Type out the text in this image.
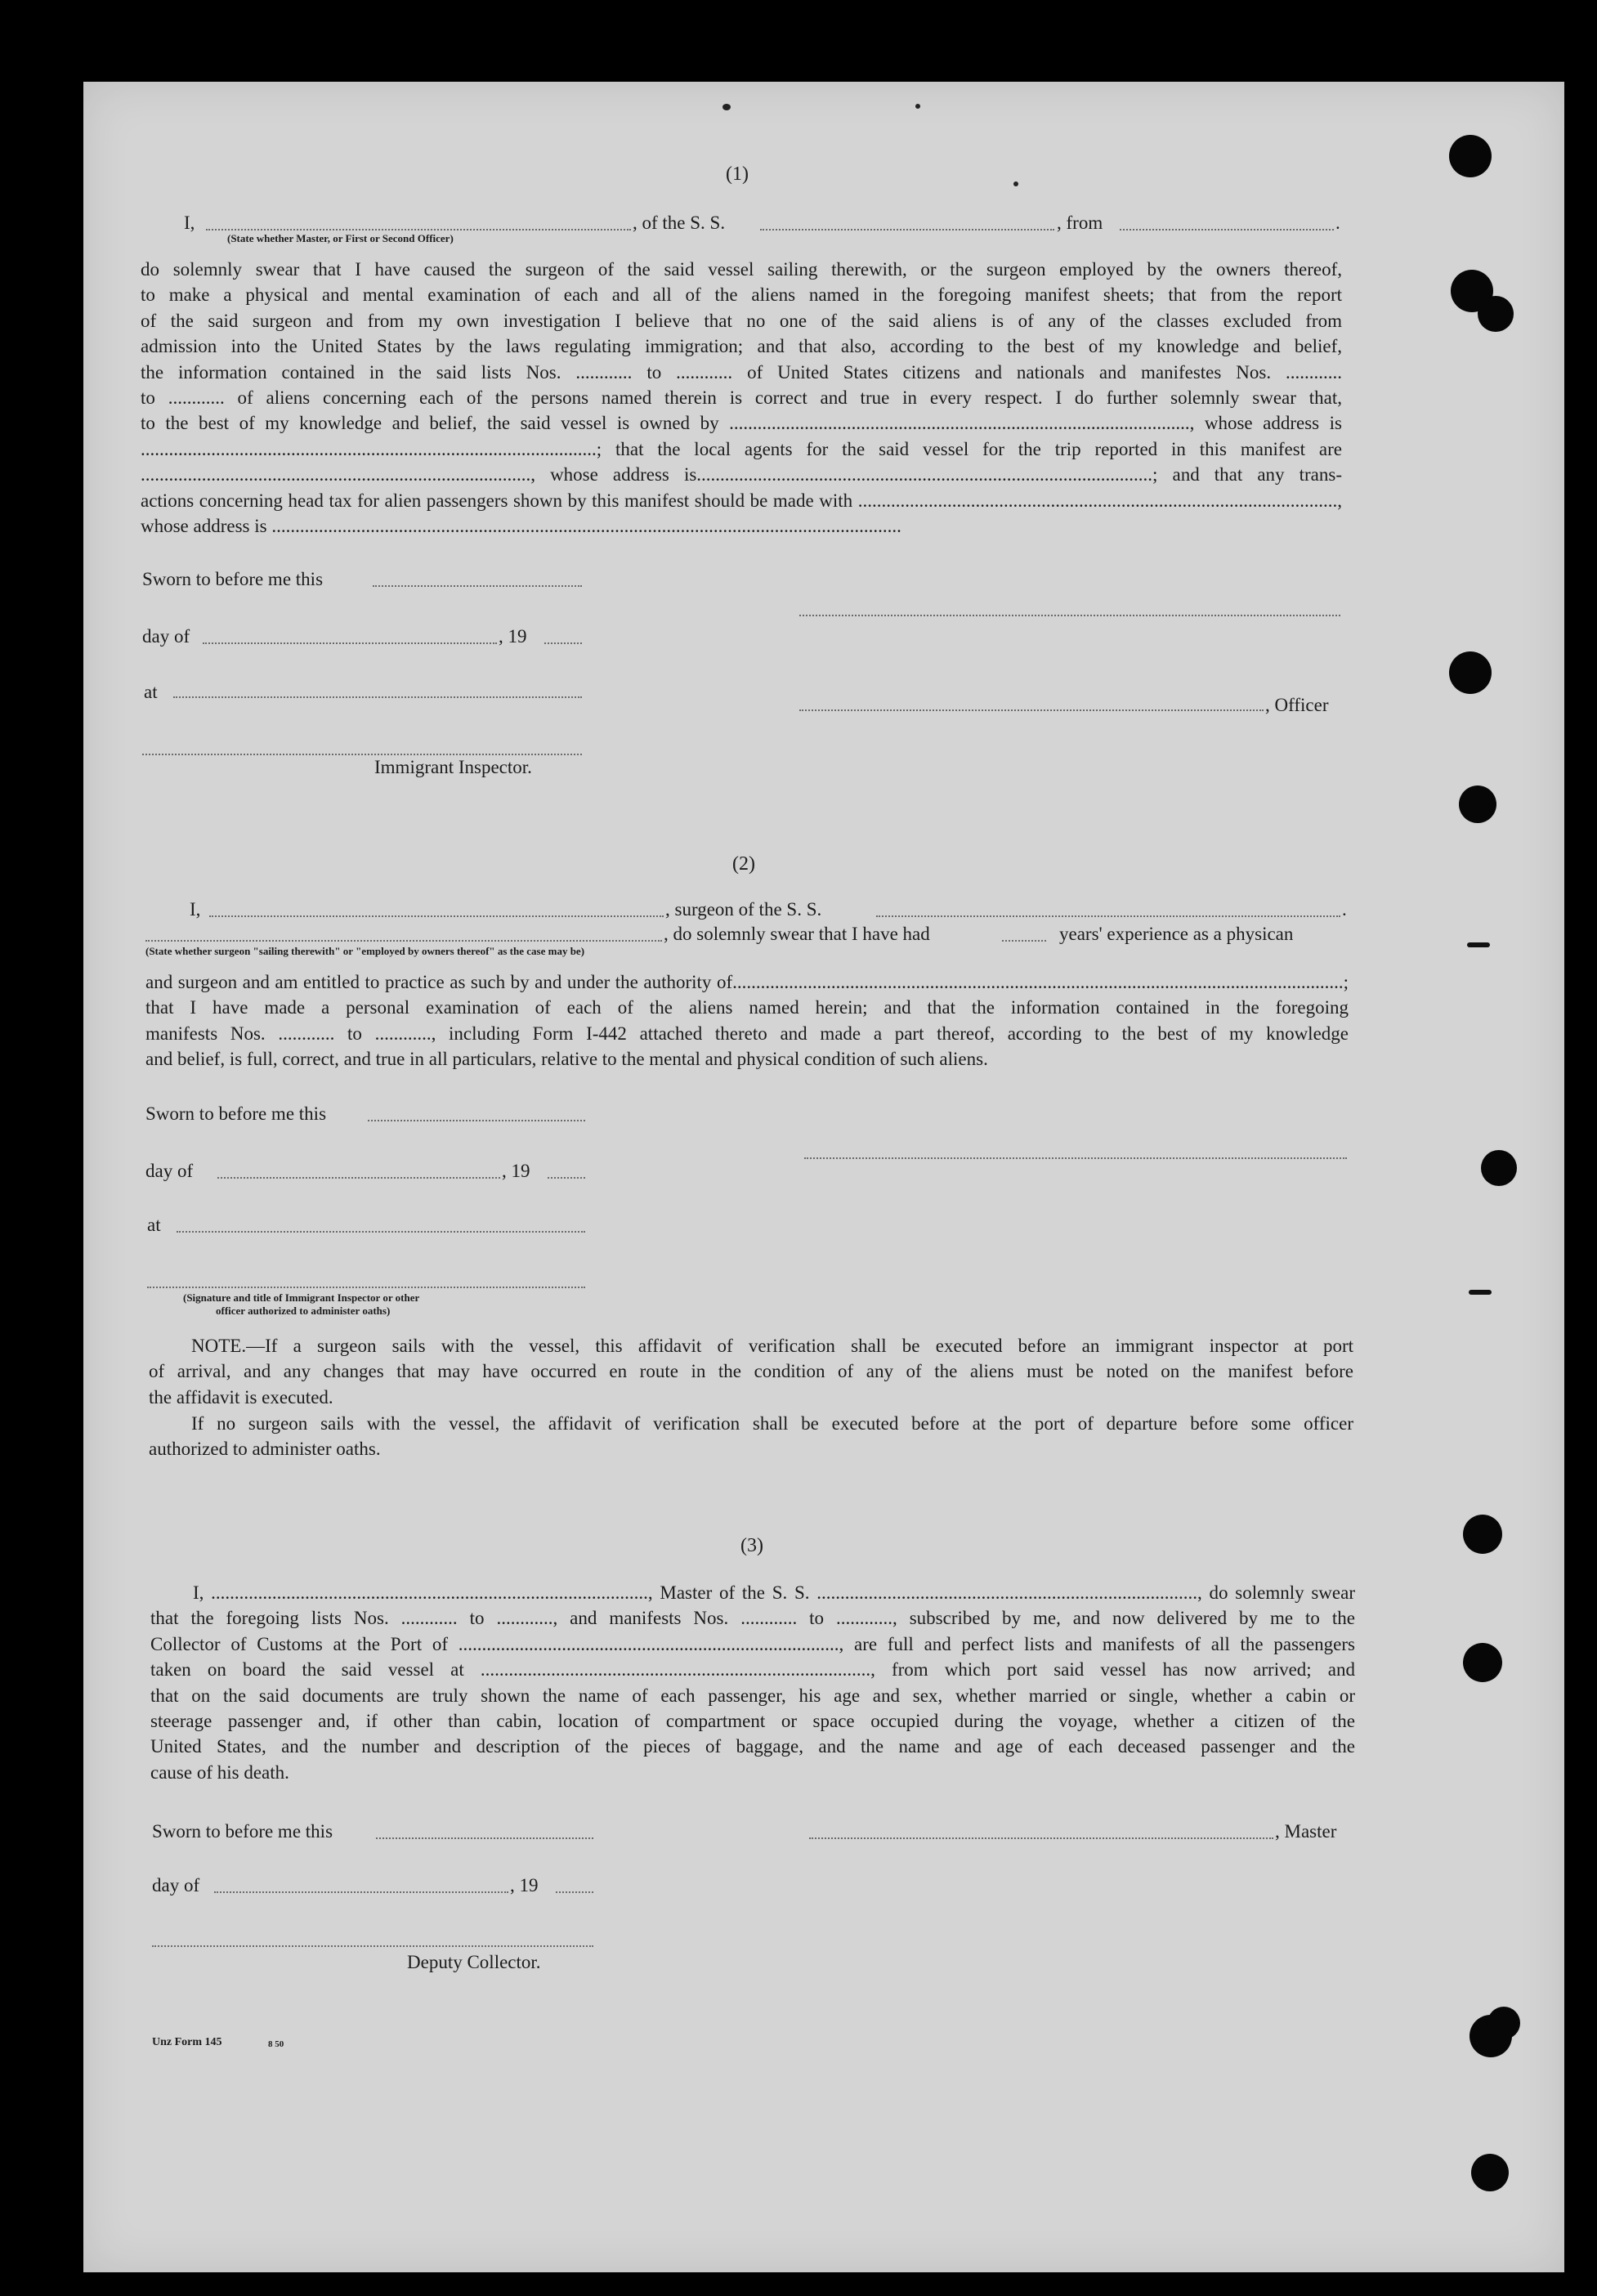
(1)
I,	, of the S. S.	, from	.
(State whether Master, or First or Second Officer)
do solemnly swear that I have caused the surgeon of the said vessel sailing therewith, or the surgeon employed by the owners thereof,
to make a physical and mental examination of each and all of the aliens named in the foregoing manifest sheets; that from the report
of the said surgeon and from my own investigation I believe that no one of the said aliens is of any of the classes excluded from
admission into the United States by the laws regulating immigration; and that also, according to the best of my knowledge and belief,
the information contained in the said lists Nos. ............ to ............ of United States citizens and nationals and manifestes Nos. ............
to ............ of aliens concerning each of the persons named therein is correct and true in every respect. I do further solemnly swear that,
to the best of my knowledge and belief, the said vessel is owned by .................................................................................................., whose address is
.................................................................................................; that the local agents for the said vessel for the trip reported in this manifest are
..................................................................................., whose address is.................................................................................................; and that any trans-
actions concerning head tax for alien passengers shown by this manifest should be made with ......................................................................................................,
whose address is ......................................................................................................................................
Sworn to before me this
day of	, 19
at
, Officer
Immigrant Inspector.
(2)
I,	, surgeon of the S. S.	.
, do solemnly swear that I have had	years' experience as a physican
(State whether surgeon "sailing therewith" or "employed by owners thereof" as the case may be)
and surgeon and am entitled to practice as such by and under the authority of..................................................................................................................................;
that I have made a personal examination of each of the aliens named herein; and that the information contained in the foregoing
manifests Nos. ............ to ............, including Form I-442 attached thereto and made a part thereof, according to the best of my knowledge
and belief, is full, correct, and true in all particulars, relative to the mental and physical condition of such aliens.
Sworn to before me this
day of	, 19
at
(Signature and title of Immigrant Inspector or other
officer authorized to administer oaths)
NOTE.—If a surgeon sails with the vessel, this affidavit of verification shall be executed before an immigrant inspector at port
of arrival, and any changes that may have occurred en route in the condition of any of the aliens must be noted on the manifest before
the affidavit is executed.
If no surgeon sails with the vessel, the affidavit of verification shall be executed before at the port of departure before some officer
authorized to administer oaths.
(3)
I, ............................................................................................., Master of the S. S. ................................................................................., do solemnly swear
that the foregoing lists Nos. ............ to ............, and manifests Nos. ............ to ............, subscribed by me, and now delivered by me to the
Collector of Customs at the Port of ................................................................................., are full and perfect lists and manifests of all the passengers
taken on board the said vessel at ..................................................................................., from which port said vessel has now arrived; and
that on the said documents are truly shown the name of each passenger, his age and sex, whether married or single, whether a cabin or
steerage passenger and, if other than cabin, location of compartment or space occupied during the voyage, whether a citizen of the
United States, and the number and description of the pieces of baggage, and the name and age of each deceased passenger and the
cause of his death.
Sworn to before me this	, Master
day of	, 19
Deputy Collector.
Unz Form 145	8 50
